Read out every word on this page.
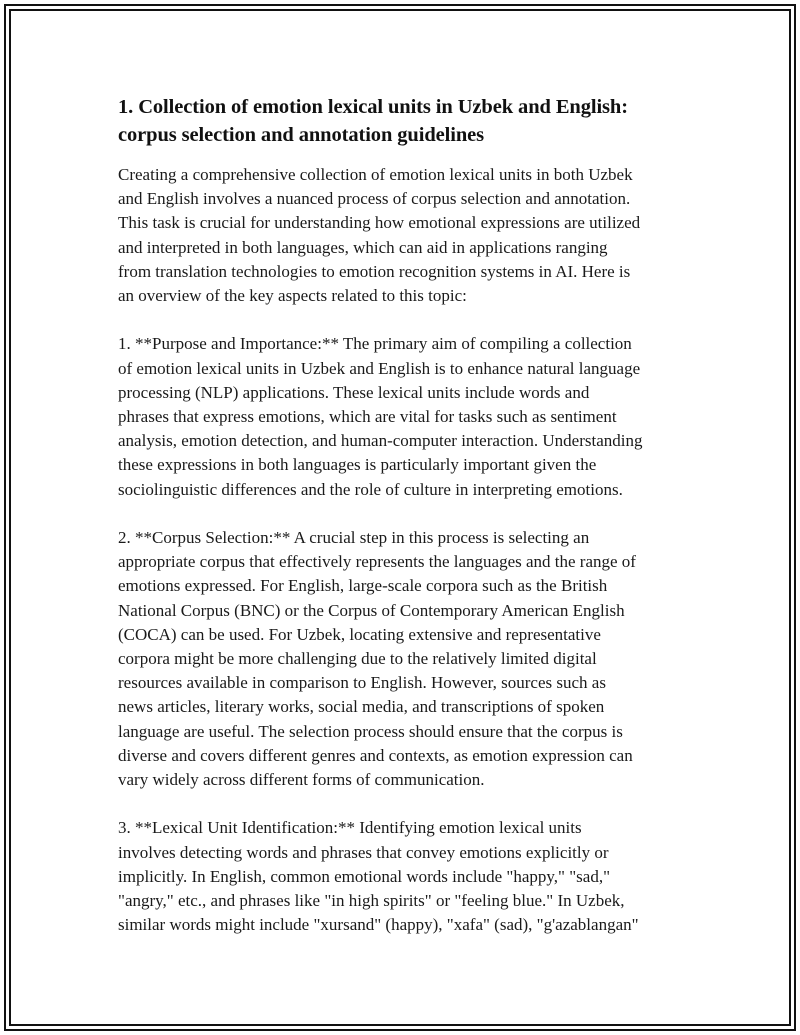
1. Collection of emotion lexical units in Uzbek and English:
corpus selection and annotation guidelines

Creating a comprehensive collection of emotion lexical units in both Uzbek
and English involves a nuanced process of corpus selection and annotation.
This task is crucial for understanding how emotional expressions are utilized
and interpreted in both languages, which can aid in applications ranging
from translation technologies to emotion recognition systems in AI. Here is
an overview of the key aspects related to this topic:

1. **Purpose and Importance:** The primary aim of compiling a collection
of emotion lexical units in Uzbek and English is to enhance natural language
processing (NLP) applications. These lexical units include words and
phrases that express emotions, which are vital for tasks such as sentiment
analysis, emotion detection, and human-computer interaction. Understanding
these expressions in both languages is particularly important given the
sociolinguistic differences and the role of culture in interpreting emotions.

2. **Corpus Selection:** A crucial step in this process is selecting an
appropriate corpus that effectively represents the languages and the range of
emotions expressed. For English, large-scale corpora such as the British
National Corpus (BNC) or the Corpus of Contemporary American English
(COCA) can be used. For Uzbek, locating extensive and representative
corpora might be more challenging due to the relatively limited digital
resources available in comparison to English. However, sources such as
news articles, literary works, social media, and transcriptions of spoken
language are useful. The selection process should ensure that the corpus is
diverse and covers different genres and contexts, as emotion expression can
vary widely across different forms of communication.

3. **Lexical Unit Identification:** Identifying emotion lexical units
involves detecting words and phrases that convey emotions explicitly or
implicitly. In English, common emotional words include "happy," "sad,"
"angry," etc., and phrases like "in high spirits" or "feeling blue." In Uzbek,
similar words might include "xursand" (happy), "xafa" (sad), "g'azablangan"
